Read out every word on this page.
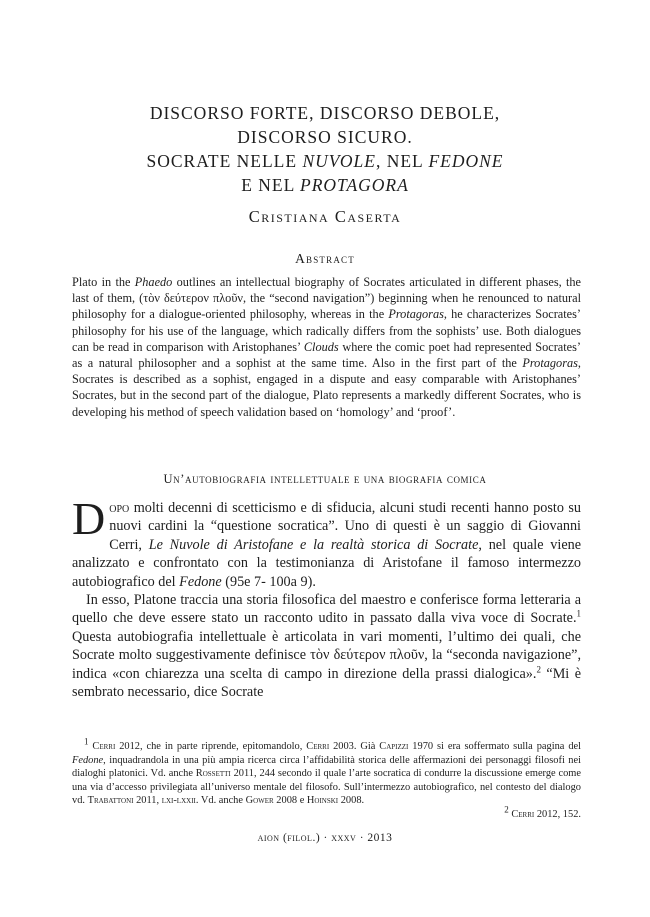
DISCORSO FORTE, DISCORSO DEBOLE,
DISCORSO SICURO.
SOCRATE NELLE NUVOLE, NEL FEDONE
E NEL PROTAGORA
Cristiana Caserta
Abstract
Plato in the Phaedo outlines an intellectual biography of Socrates articulated in different phases, the last of them, (τὸν δεύτερον πλοῦν, the “second navigation”) beginning when he renounced to natural philosophy for a dialogue-oriented philosophy, whereas in the Protagoras, he characterizes Socrates’ philosophy for his use of the language, which radically differs from the sophists’ use. Both dialogues can be read in comparison with Aristophanes’ Clouds where the comic poet had represented Socrates’ as a natural philosopher and a sophist at the same time. Also in the first part of the Protagoras, Socrates is described as a sophist, engaged in a dispute and easy comparable with Aristophanes’ Socrates, but in the second part of the dialogue, Plato represents a markedly different Socrates, who is developing his method of speech validation based on ‘homology’ and ‘proof’.
Un’autobiografia intellettuale e una biografia comica

Dopo molti decenni di scetticismo e di sfiducia, alcuni studi recenti hanno posto su nuovi cardini la “questione socratica”. Uno di questi è un saggio di Giovanni Cerri, Le Nuvole di Aristofane e la realtà storica di Socrate, nel quale viene analizzato e confrontato con la testimonianza di Aristofane il famoso intermezzo autobiografico del Fedone (95e 7- 100a 9).

In esso, Platone traccia una storia filosofica del maestro e conferisce forma letteraria a quello che deve essere stato un racconto udito in passato dalla viva voce di Socrate.$^1$ Questa autobiografia intellettuale è articolata in vari momenti, l’ultimo dei quali, che Socrate molto suggestivamente definisce τὸν δεύτερον πλοῦν, la “seconda navigazione”, indica «con chiarezza una scelta di campo in direzione della prassi dialogica».$^2$ “Mi è sembrato necessario, dice Socrate

$^1$ Cerri 2012, che in parte riprende, epitomandolo, Cerri 2003. Già Capizzi 1970 si era soffermato sulla pagina del Fedone, inquadrandola in una più ampia ricerca circa l’affidabilità storica delle affermazioni dei personaggi filosofi nei dialoghi platonici. Vd. anche Rossetti 2011, 244 secondo il quale l’arte socratica di condurre la discussione emerge come una via d’accesso privilegiata all’universo mentale del filosofo. Sull’intermezzo autobiografico, nel contesto del dialogo vd. Trabattoni 2011, lxi-lxxii. Vd. anche Gower 2008 e Hoinski 2008.

$^2$ Cerri 2012, 152.

aion (filol.) · xxxv · 2013
